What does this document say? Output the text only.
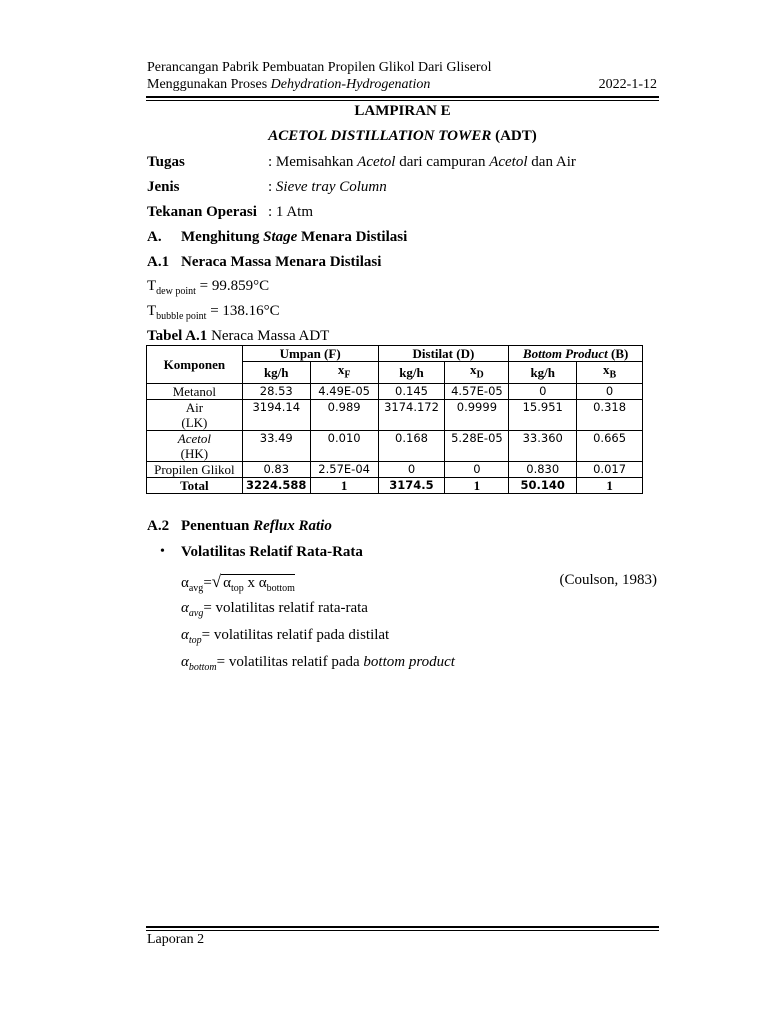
Perancangan Pabrik Pembuatan Propilen Glikol Dari Gliserol
Menggunakan Proses Dehydration-Hydrogenation	2022-1-12
LAMPIRAN E
ACETOL DISTILLATION TOWER (ADT)
Tugas	: Memisahkan Acetol dari campuran Acetol dan Air
Jenis	: Sieve tray Column
Tekanan Operasi : 1 Atm
A. Menghitung Stage Menara Distilasi
A.1 Neraca Massa Menara Distilasi
$T_{dew point} = 99.859^\circ C$
$T_{bubble point} = 138.16^\circ C$
Tabel A.1 Neraca Massa ADT
Komponen	Umpan (F)		Distilat (D)		Bottom Product (B)	
	kg/h	$x_F$	kg/h	$x_D$	kg/h	$x_B$
Metanol	28.53	4.49E-05	0.145	4.57E-05	0	0

Air
(LK)	3194.14	0.989	3174.172	0.9999	15.951	0.318

Acetol
(HK)	33.49	0.010	0.168	5.28E-05	33.360	0.665
Propilen Glikol	0.83	2.57E-04	0	0	0.830	0.017
Total	3224.588	1	3174.5	1	50.140	1
A.2 Penentuan Reflux Ratio
• Volatilitas Relatif Rata-Rata
$\alpha_{avg}=√$ $\alpha_{top}$ x $\alpha_{bottom}$
(Coulson, 1983)
$\alpha_{avg}=$ volatilitas relatif rata-rata
$\alpha_{top}=$ volatilitas relatif pada distilat
$\alpha_{bottom}=$ volatilitas relatif pada bottom product
Laporan 2
